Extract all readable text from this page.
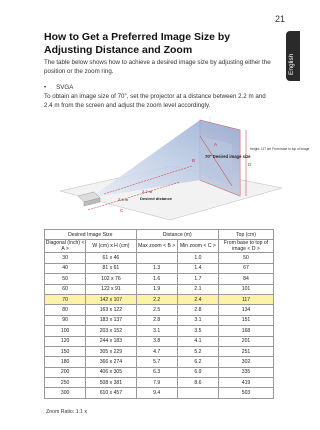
21
English
How to Get a Preferred Image Size by Adjusting Distance and Zoom
The table below shows how to achieve a desired image size by adjusting either the position or the zoom ring.
• SVGA
To obtain an image size of 70", set the projector at a distance between 2.2 m and 2.4 m from the screen and adjust the zoom level accordingly.
70" Desired image size
Height: 117 cm From base to top of image
2.2 m
2.4 m	Desired distance
A
B
C
D
Desired Image Size		Distance (m)		Top (cm)
Diagonal (inch) < A >	W (cm) x H (cm)	Max zoom < B >	Min zoom < C >	From base to top of image < D >
30	61 x 46		1.0	50
40	81 x 61	1.3	1.4	67
50	102 x 76	1.6	1.7	84
60	122 x 91	1.9	2.1	101
70	142 x 107	2.2	2.4	117
80	163 x 122	2.5	2.8	134
90	183 x 137	2.8	3.1	151
100	203 x 152	3.1	3.5	168
120	244 x 183	3.8	4.1	201
150	305 x 229	4.7	5.2	251
180	366 x 274	5.7	6.2	302
200	406 x 305	6.3	6.9	335
250	508 x 381	7.9	8.6	419
300	610 x 457	9.4		503
Zoom Ratio: 1.1 x
